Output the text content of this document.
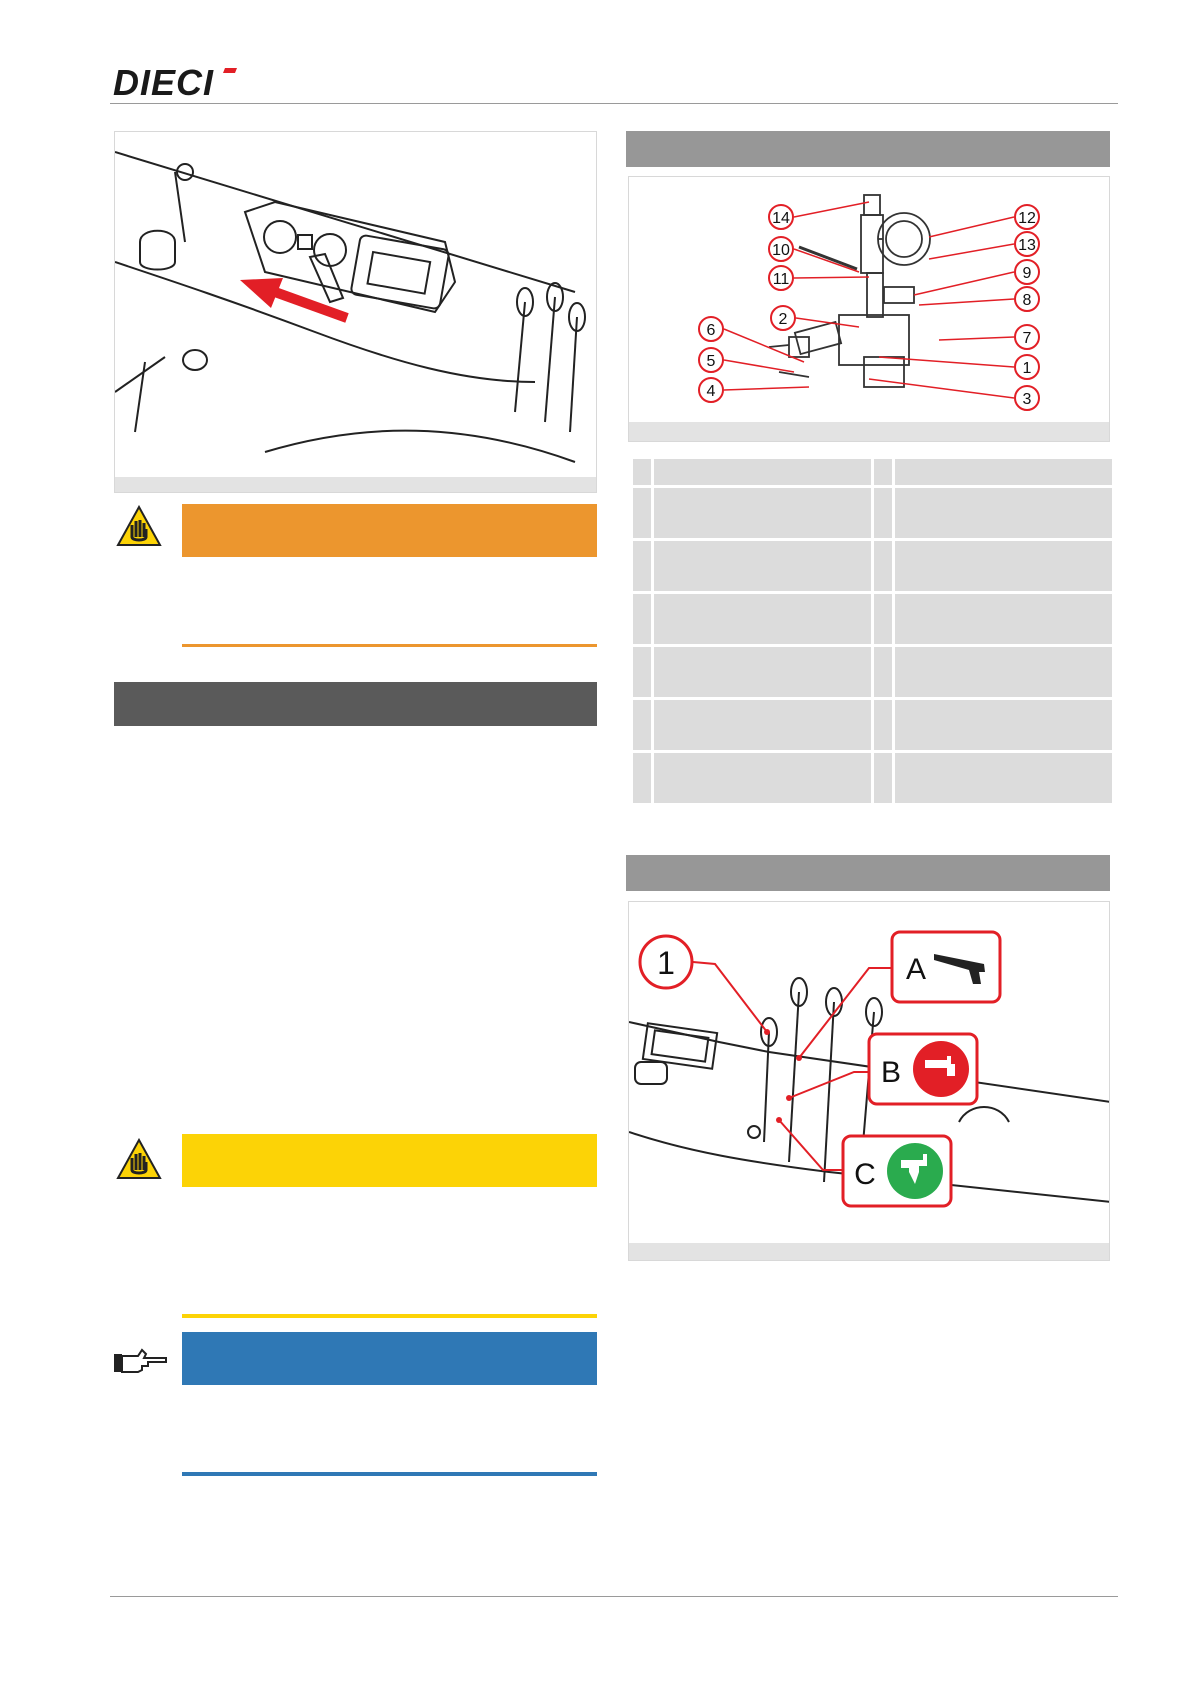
DIECI
14	12
10	13
9
11
8
2
6	7
5	1
4	3

1	A
B
C
